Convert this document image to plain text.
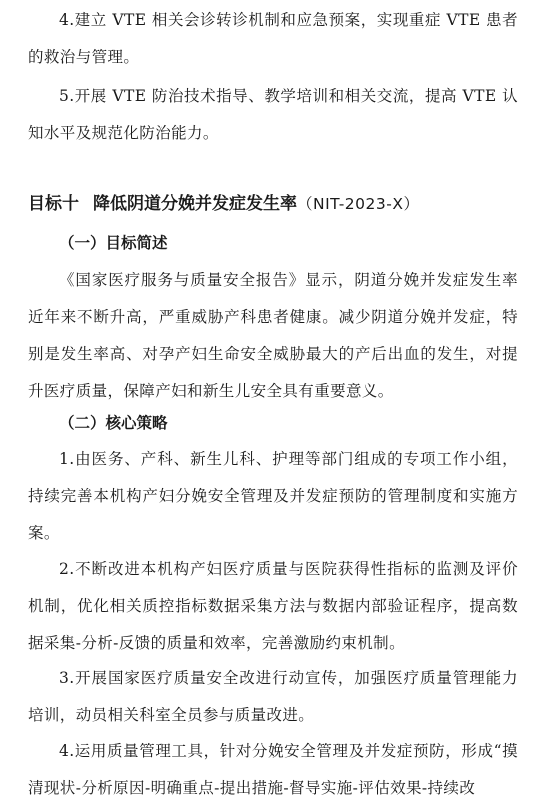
4.建立 VTE 相关会诊转诊机制和应急预案，实现重症 VTE 患者的救治与管理。

5.开展 VTE 防治技术指导、教学培训和相关交流，提高 VTE 认知水平及规范化防治能力。

目标十 降低阴道分娩并发症发生率（NIT-2023-Ⅹ）
（一）目标简述

《国家医疗服务与质量安全报告》显示，阴道分娩并发症发生率近年来不断升高，严重威胁产科患者健康。减少阴道分娩并发症，特别是发生率高、对孕产妇生命安全威胁最大的产后出血的发生，对提升医疗质量，保障产妇和新生儿安全具有重要意义。

（二）核心策略

1.由医务、产科、新生儿科、护理等部门组成的专项工作小组，持续完善本机构产妇分娩安全管理及并发症预防的管理制度和实施方案。

2.不断改进本机构产妇医疗质量与医院获得性指标的监测及评价机制，优化相关质控指标数据采集方法与数据内部验证程序，提高数据采集-分析-反馈的质量和效率，完善激励约束机制。

3.开展国家医疗质量安全改进行动宣传，加强医疗质量管理能力培训，动员相关科室全员参与质量改进。

4.运用质量管理工具，针对分娩安全管理及并发症预防，形成“摸清现状-分析原因-明确重点-提出措施-督导实施-评估效果-持续改
